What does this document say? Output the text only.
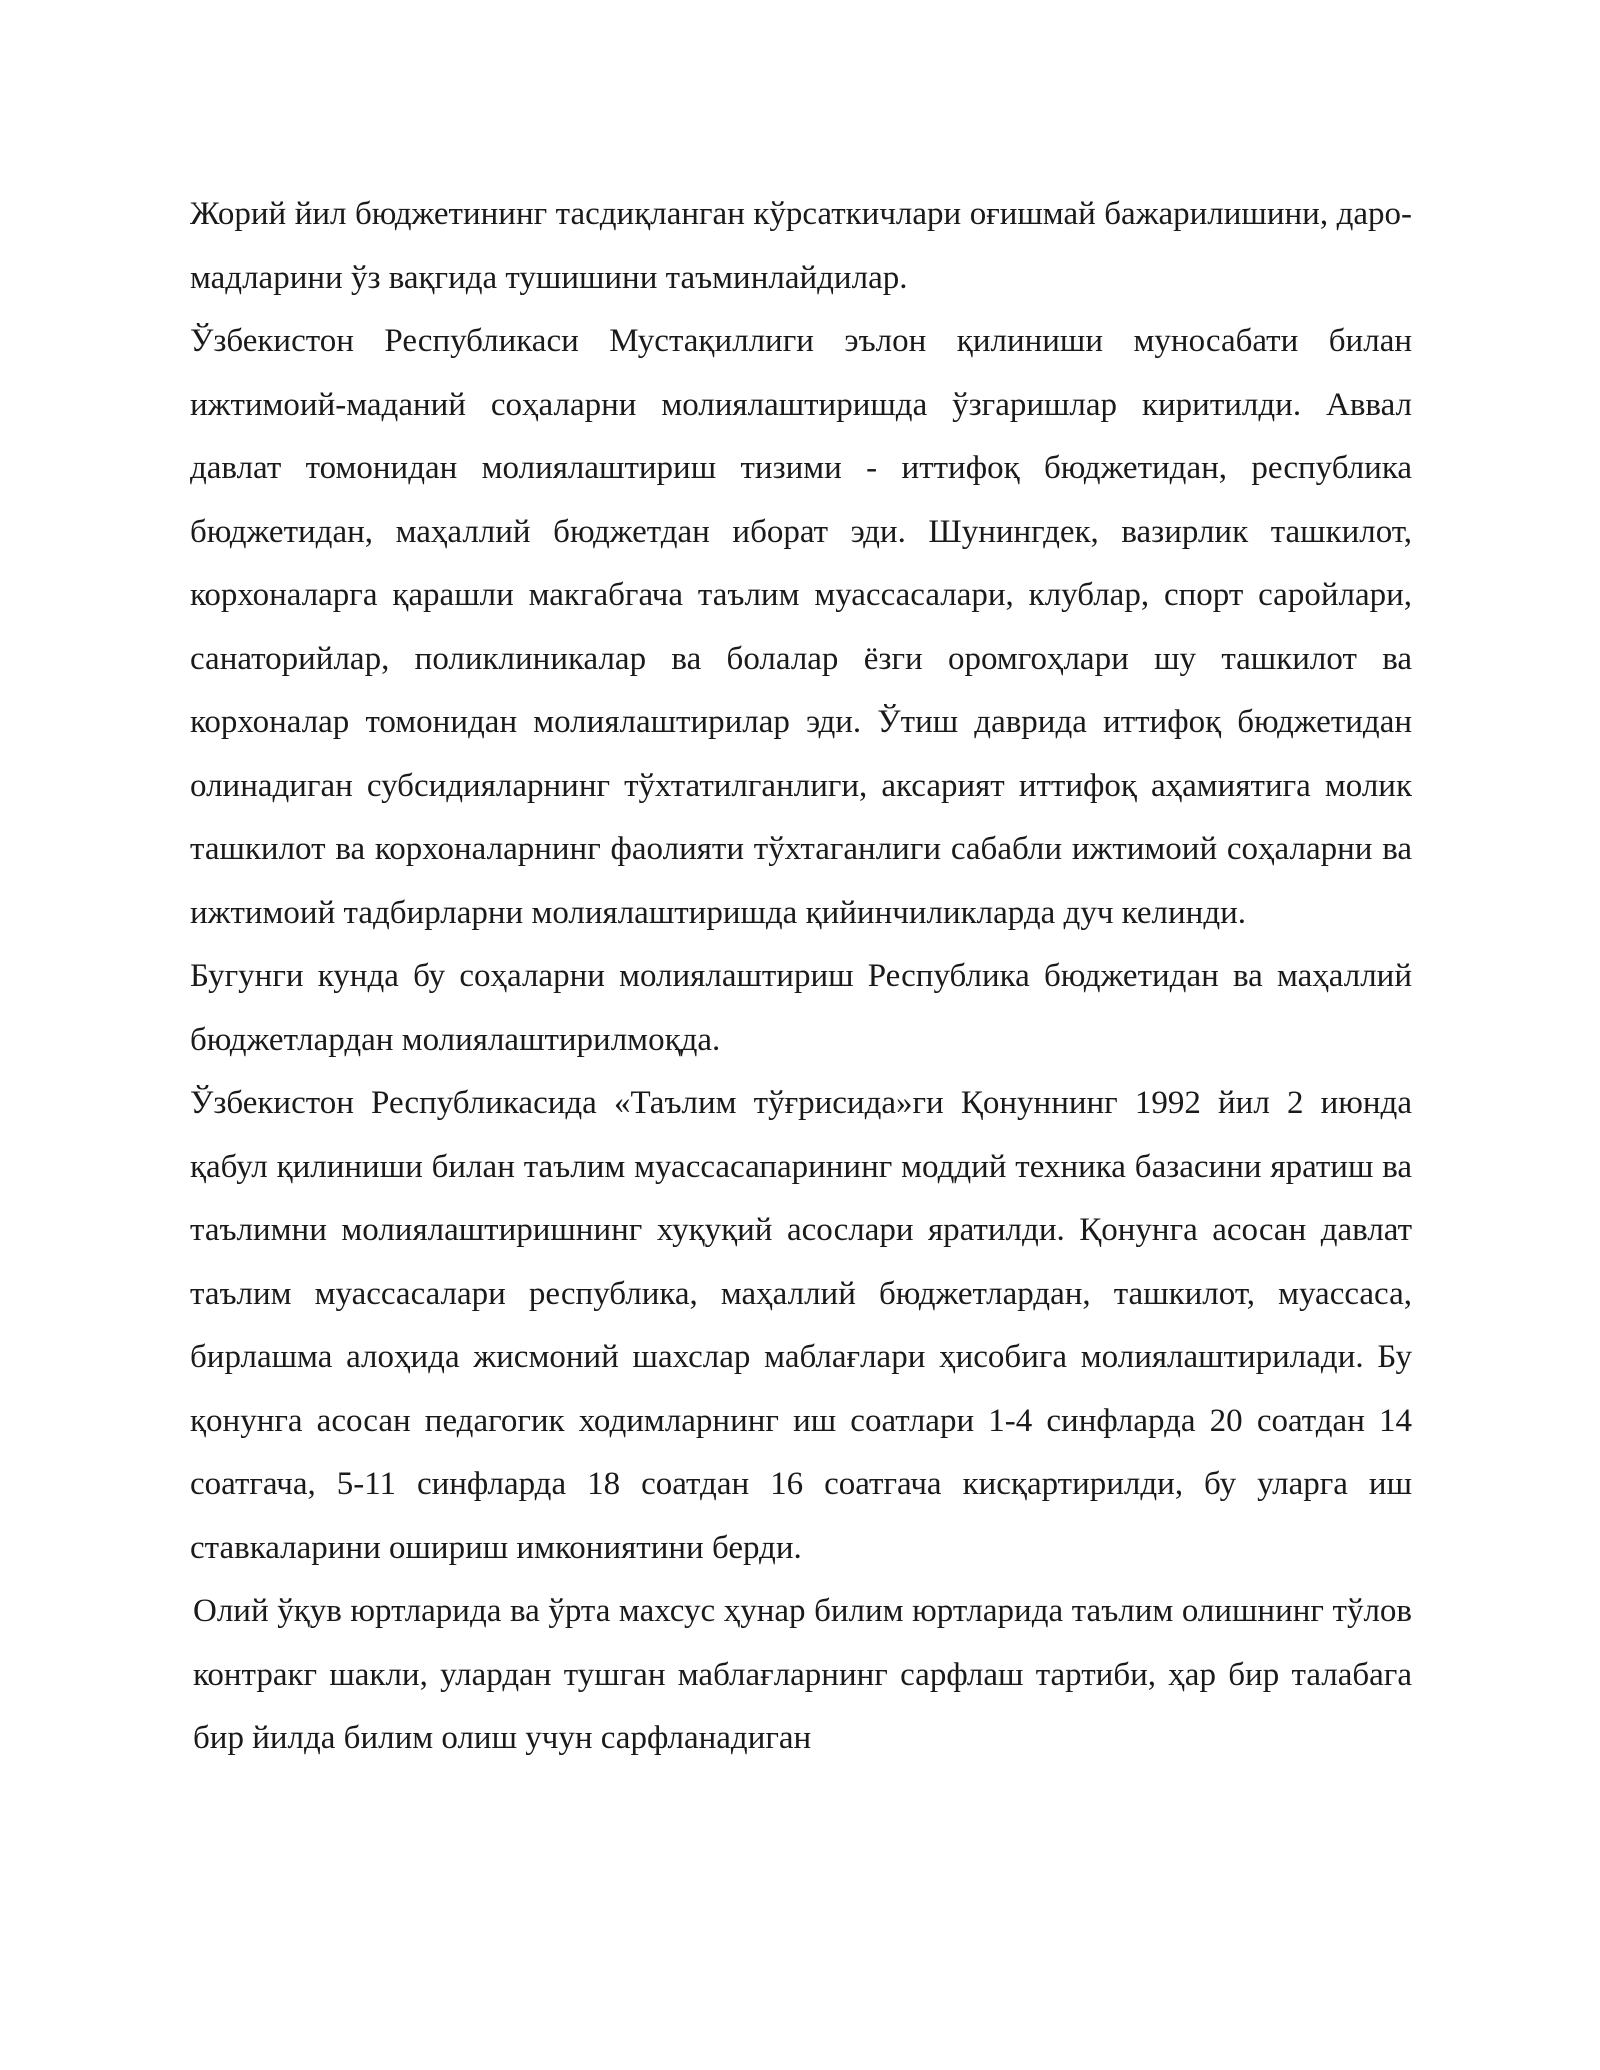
Жорий йил бюджетининг тасдиқланган кўрсаткичлари оғишмай бажарилишини, даро-мадларини ўз вақгида тушишини таъминлайдилар.

Ўзбекистон Республикаси Мустақиллиги эълон қилиниши муносабати билан ижтимоий-маданий соҳаларни молиялаштиришда ўзгаришлар киритилди. Аввал давлат томонидан молиялаштириш тизими - иттифоқ бюджетидан, республика бюджетидан, маҳаллий бюджетдан иборат эди. Шунингдек, вазирлик ташкилот, корхоналарга қарашли макгабгача таълим муассасалари, клублар, спорт саройлари, санаторийлар, поликлиникалар ва болалар ёзги оромгоҳлари шу ташкилот ва корхоналар томонидан молиялаштирилар эди. Ўтиш даврида иттифоқ бюджетидан олинадиган субсидияларнинг тўхтатилганлиги, аксарият иттифоқ аҳамиятига молик ташкилот ва корхоналарнинг фаолияти тўхтаганлиги сабабли ижтимоий соҳаларни ва ижтимоий тадбирларни молиялаштиришда қийинчиликларда дуч келинди.

Бугунги кунда бу соҳаларни молиялаштириш Республика бюджетидан ва маҳаллий бюджетлардан молиялаштирилмоқда.

Ўзбекистон Республикасида «Таълим тўғрисида»ги Қонуннинг 1992 йил 2 июнда қабул қилиниши билан таълим муассасапарининг моддий техника базасини яратиш ва таълимни молиялаштиришнинг хуқуқий асослари яратилди. Қонунга асосан давлат таълим муассасалари республика, маҳаллий бюджетлардан, ташкилот, муассаса, бирлашма алоҳида жисмоний шахслар маблағлари ҳисобига молиялаштирилади. Бу қонунга асосан педагогик ходимларнинг иш соатлари 1-4 синфларда 20 соатдан 14 соатгача, 5-11 синфларда 18 соатдан 16 соатгача кисқартирилди, бу уларга иш ставкаларини ошириш имкониятини берди.

Олий ўқув юртларида ва ўрта махсус ҳунар билим юртларида таълим олишнинг тўлов контракг шакли, улардан тушган маблағларнинг сарфлаш тартиби, ҳар бир талабага бир йилда билим олиш учун сарфланадиган
